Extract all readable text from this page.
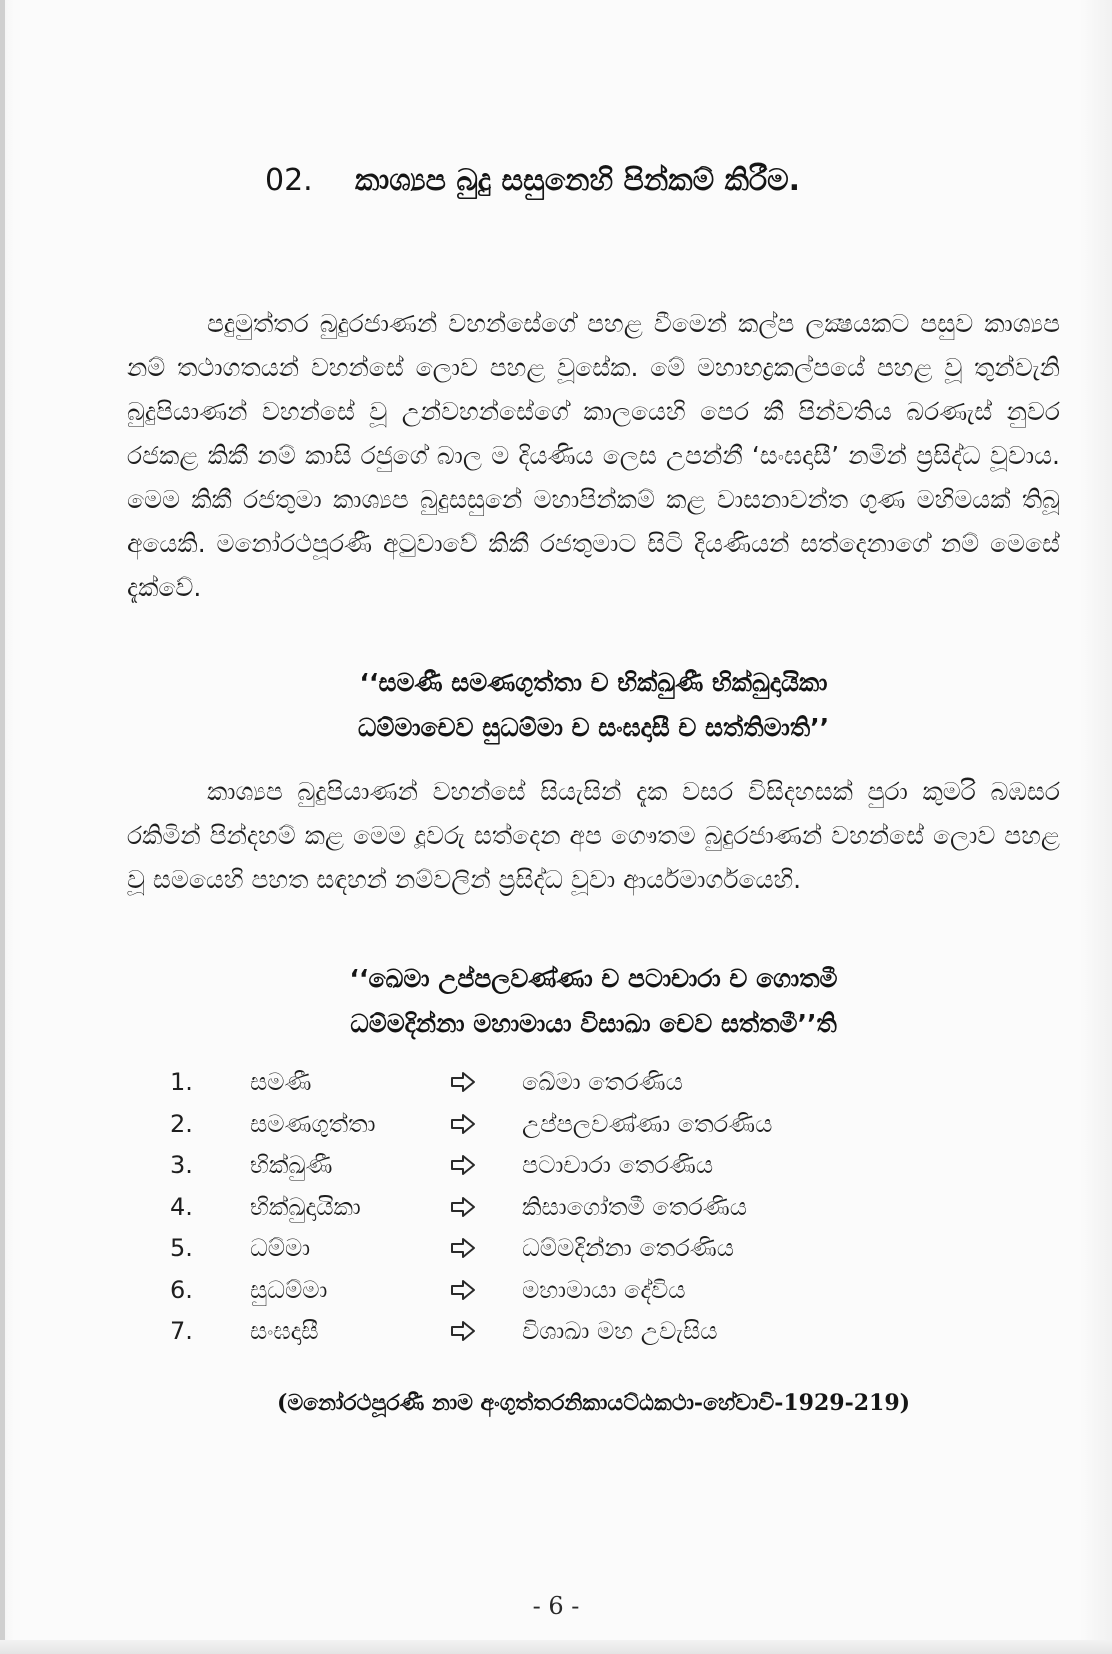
02.	කාශ්‍යප බුදු සසුනෙහි පින්කම් කිරීම.
පදුමුත්තර බුදුරජාණන් වහන්සේගේ පහළ වීමෙන් කල්ප ලක්‍ෂයකට පසුව කාශ්‍යප නම් තථාගතයන් වහන්සේ ලොව පහළ වූසේක. මේ මහාභද්‍රකල්පයේ පහළ වූ තුන්වැනි බුදුපියාණන් වහන්සේ වූ උන්වහන්සේගේ කාලයෙහි පෙර කී පින්වතිය බරණැස් නුවර රජකළ කිකී නම් කාසි රජුගේ බාල ම දියණිය ලෙස උපන්නී ‘සංඝදාසී’ නමින් ප්‍රසිද්ධ වූවාය. මෙම කිකී රජතුමා කාශ්‍යප බුදුසසුනේ මහාපින්කම් කළ වාසනාවන්ත ගුණ මහිමයක් තිබූ අයෙකි. මනෝරථපූරණී අටුවාවේ කිකී රජතුමාට සිටි දියණියන් සත්දෙනාගේ නම් මෙසේ දැක්වේ.
‘‘සමණී සමණගුත්තා ච භික්ඛුණී භික්ඛුදායිකා
ධම්මාචෙව සුධම්මා ච සංඝදාසී ච සත්තිමාති’’
කාශ්‍යප බුදුපියාණන් වහන්සේ සියැසින් දැක වසර විසිදහසක් පුරා කුමරි බඹසර රකිමින් පින්දහම් කළ මෙම දූවරු සත්දෙන අප ගෞතම බුදුරජාණන් වහන්සේ ලොව පහළ වූ සමයෙහි පහත සඳහන් නම්වලින් ප්‍රසිද්ධ වූවා ආර්යමාර්ගයෙහි.
‘‘ඛෙමා උප්පලවණ්ණා ච පටාචාරා ච ගොතමී
ධම්මදින්නා මහාමායා විසාඛා චෙව සත්තමී’’ති
1.	සමණී	ඛේමා තෙරණිය
2.	සමණගුත්තා	උප්පලවණ්ණා තෙරණිය
3.	භික්ඛුණී	පටාචාරා තෙරණිය
4.	භික්ඛුදායිකා	කිසාගෝතමී තෙරණිය
5.	ධම්මා	ධම්මදින්නා තෙරණිය
6.	සුධම්මා	මහාමායා දේවිය
7.	සංඝදාසී	විශාඛා මහ උවැසිය
(මනෝරථපූරණී නාම අංගුත්තරනිකායට්ඨකථා-හේවාවි-1929-219)
- 6 -
